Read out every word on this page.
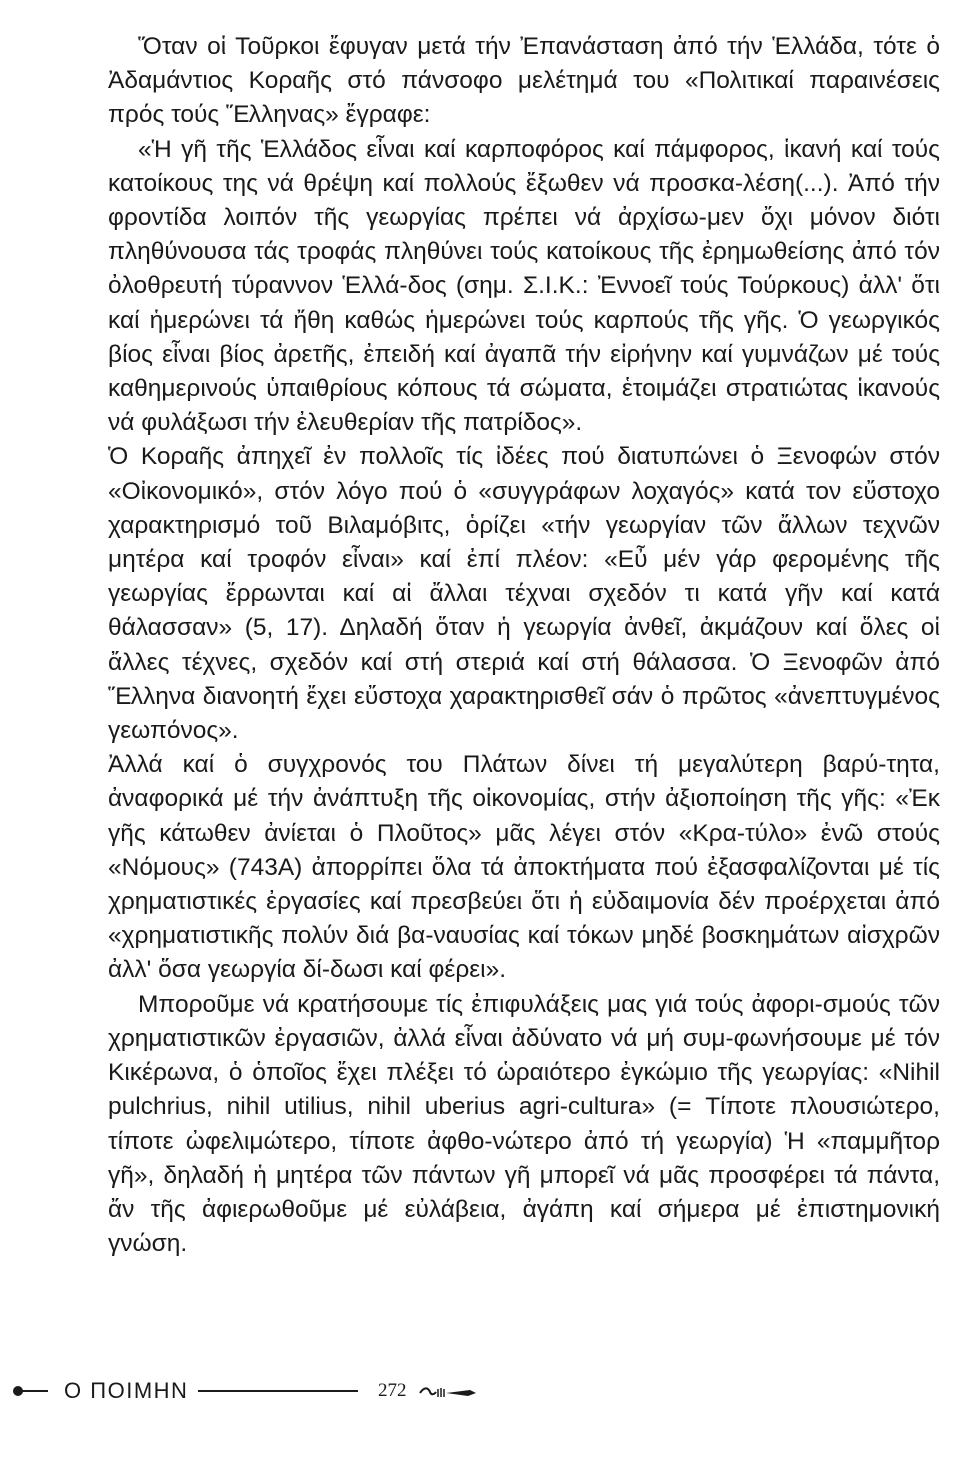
Ὅταν οἱ Τοῦρκοι ἔφυγαν μετά τήν Ἐπανάσταση ἀπό τήν Ἑλλάδα, τότε ὁ Ἀδαμάντιος Κοραῆς στό πάνσοφο μελέτημά του «Πολιτικαί παραινέσεις πρός τούς Ἕλληνας» ἔγραφε:

«Ἡ γῆ τῆς Ἑλλάδος εἶναι καί καρποφόρος καί πάμφορος, ἱκανή καί τούς κατοίκους της νά θρέψη καί πολλούς ἔξωθεν νά προσκα-λέση(...). Ἀπό τήν φροντίδα λοιπόν τῆς γεωργίας πρέπει νά ἀρχίσω-μεν ὄχι μόνον διότι πληθύνουσα τάς τροφάς πληθύνει τούς κατοίκους τῆς ἐρημωθείσης ἀπό τόν ὀλοθρευτή τύραννον Ἑλλά-δος (σημ. Σ.Ι.Κ.: Ἐννοεῖ τούς Τούρκους) ἀλλ' ὅτι καί ἡμερώνει τά ἤθη καθώς ἡμερώνει τούς καρπούς τῆς γῆς. Ὁ γεωργικός βίος εἶναι βίος ἀρετῆς, ἐπειδή καί ἀγαπᾶ τήν εἰρήνην καί γυμνάζων μέ τούς καθημερινούς ὑπαιθρίους κόπους τά σώματα, ἑτοιμάζει στρατιώτας ἱκανούς νά φυλάξωσι τήν ἐλευθερίαν τῆς πατρίδος».

Ὁ Κοραῆς ἀπηχεῖ ἐν πολλοῖς τίς ἰδέες πού διατυπώνει ὁ Ξενοφών στόν «Οἰκονομικό», στόν λόγο πού ὁ «συγγράφων λοχαγός» κατά τον εὔστοχο χαρακτηρισμό τοῦ Βιλαμόβιτς, ὁρίζει «τήν γεωργίαν τῶν ἄλλων τεχνῶν μητέρα καί τροφόν εἶναι» καί ἐπί πλέον: «Εὖ μέν γάρ φερομένης τῆς γεωργίας ἔρρωνται καί αἱ ἄλλαι τέχναι σχεδόν τι κατά γῆν καί κατά θάλασσαν» (5, 17). Δηλαδή ὅταν ἡ γεωργία ἀνθεῖ, ἀκμάζουν καί ὅλες οἱ ἄλλες τέχνες, σχεδόν καί στή στεριά καί στή θάλασσα. Ὁ Ξενοφῶν ἀπό Ἕλληνα διανοητή ἔχει εὔστοχα χαρακτηρισθεῖ σάν ὁ πρῶτος «ἀνεπτυγμένος γεωπόνος».

Ἀλλά καί ὁ συγχρονός του Πλάτων δίνει τή μεγαλύτερη βαρύ-τητα, ἀναφορικά μέ τήν ἀνάπτυξη τῆς οἰκονομίας, στήν ἀξιοποίηση τῆς γῆς: «Ἐκ γῆς κάτωθεν ἀνίεται ὁ Πλοῦτος» μᾶς λέγει στόν «Κρα-τύλο» ἐνῶ στούς «Νόμους» (743Α) ἀπορρίπει ὅλα τά ἀποκτήματα πού ἐξασφαλίζονται μέ τίς χρηματιστικές ἐργασίες καί πρεσβεύει ὅτι ἡ εὐδαιμονία δέν προέρχεται ἀπό «χρηματιστικῆς πολύν διά βα-ναυσίας καί τόκων μηδέ βοσκημάτων αἰσχρῶν ἀλλ' ὅσα γεωργία δί-δωσι καί φέρει».

Μποροῦμε νά κρατήσουμε τίς ἐπιφυλάξεις μας γιά τούς ἀφορι-σμούς τῶν χρηματιστικῶν ἐργασιῶν, ἀλλά εἶναι ἀδύνατο νά μή συμ-φωνήσουμε μέ τόν Κικέρωνα, ὁ ὁποῖος ἔχει πλέξει τό ὡραιότερο ἐγκώμιο τῆς γεωργίας: «Nihil pulchrius, nihil utilius, nihil uberius agri-cultura» (= Τίποτε πλουσιώτερο, τίποτε ὠφελιμώτερο, τίποτε ἀφθο-νώτερο ἀπό τή γεωργία) Ἡ «παμμῆτορ γῆ», δηλαδή ἡ μητέρα τῶν πάντων γῆ μπορεῖ νά μᾶς προσφέρει τά πάντα, ἄν τῆς ἀφιερωθοῦμε μέ εὐλάβεια, ἀγάπη καί σήμερα μέ ἐπιστημονική γνώση.

Ο ΠΟΙΜΗΝ	272
